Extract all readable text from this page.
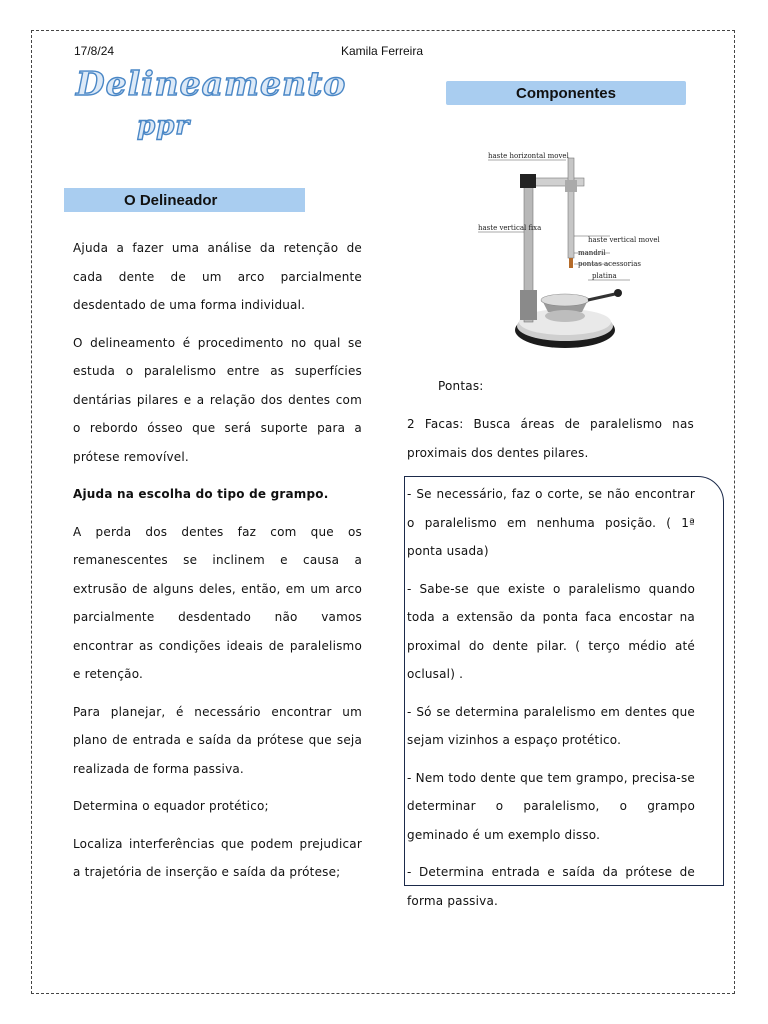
17/8/24	Kamila Ferreira
Delineamento
ppr
O Delineador
Componentes

Ajuda a fazer uma análise da retenção de cada dente de um arco parcialmente desdentado de uma forma individual.

O delineamento é procedimento no qual se estuda o paralelismo entre as superfícies dentárias pilares e a relação dos dentes com o rebordo ósseo que será suporte para a prótese removível.

Ajuda na escolha do tipo de grampo.

A perda dos dentes faz com que os remanescentes se inclinem e causa a extrusão de alguns deles, então, em um arco parcialmente desdentado não vamos encontrar as condições ideais de paralelismo e retenção.

Para planejar, é necessário encontrar um plano de entrada e saída da prótese que seja realizada de forma passiva.

Determina o equador protético;

Localiza interferências que podem prejudicar a trajetória de inserção e saída da prótese;

haste horizontal movel
haste vertical fixa
haste vertical movel
mandril
pontas acessorias
platina
Pontas:
2 Facas: Busca áreas de paralelismo nas proximais dos dentes pilares.

- Se necessário, faz o corte, se não encontrar o paralelismo em nenhuma posição. ( 1ª ponta usada)

- Sabe-se que existe o paralelismo quando toda a extensão da ponta faca encostar na proximal do dente pilar. ( terço médio até oclusal) .

- Só se determina paralelismo em dentes que sejam vizinhos a espaço protético.

- Nem todo dente que tem grampo, precisa-se determinar o paralelismo, o grampo geminado é um exemplo disso.

- Determina entrada e saída da prótese de forma passiva.
